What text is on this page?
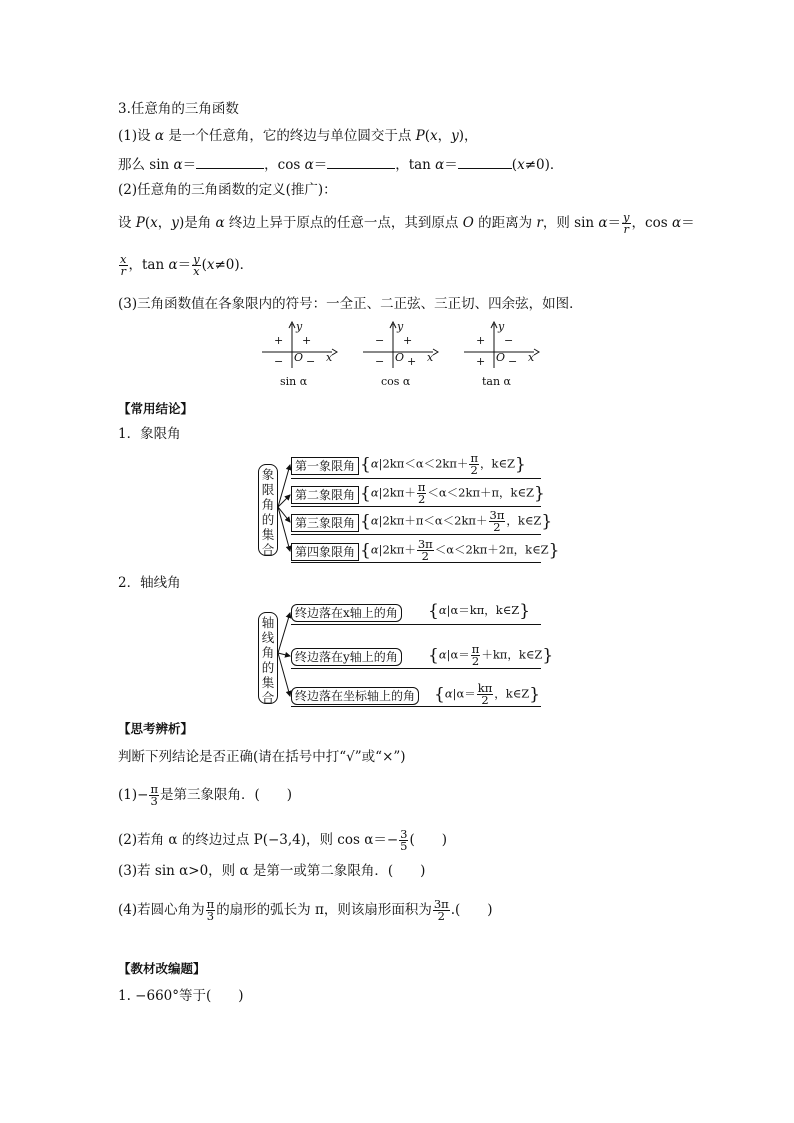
3.任意角的三角函数
(1)设 α 是一个任意角，它的终边与单位圆交于点 P(x，y)，
那么 sin α＝	，cos α＝	，tan α＝	(x≠0)．
(2)任意角的三角函数的定义(推广)：
设 P(x，y)是角 α 终边上异于原点的任意一点，其到原点 O 的距离为 r，则 $\sin \alpha= \frac{y}{r}$ ，cos α＝
$\frac{x}{r}$ ，$\tan \alpha= \frac{y}{x} (x\ne 0)$．
(3)三角函数值在各象限内的符号：一全正、二正弦、三正切、四余弦，如图．
y
x
O
+
+
− −
sin α
y
x
O
+
−
− +
cos α
y
x
O
−
+
+ −
tan α
【常用结论】
1．象限角
象限角的集合
第一象限角 {$\alpha|2k\pi<\alpha<2k\pi+ \frac{\pi}{2}$ ，k∈Z}
第二象限角 {$\alpha|2k\pi+ \frac{\pi}{2} <\alpha<2k\pi+\pi$，k∈Z}
第三象限角 {$\alpha|2k\pi+\pi<\alpha<2k\pi+ \frac{3\pi}{2}$ ，k∈Z}
第四象限角 {$\alpha|2k\pi+ \frac{3\pi}{2} <\alpha<2k\pi+2\pi$，k∈Z}
2．轴线角
轴线角的集合
终边落在x轴上的角 {α|α＝kπ，k∈Z}
终边落在y轴上的角 {$\alpha|\alpha= \frac{\pi}{2} +k\pi$，k∈Z}
终边落在坐标轴上的角 {$\alpha|\alpha= \frac{k\pi}{2}$ ，k∈Z}
【思考辨析】
判断下列结论是否正确(请在括号中打“√”或“×”)
$(1)- \frac{\pi}{3}$ 是第三象限角．(　　)
(2)若角 α 的终边过点 P(−3,4)，则 $\cos \alpha=- \frac{3}{5}$ (　　)
(3)若 sin α>0，则 α 是第一或第二象限角．(　　)
(4)若圆心角为 $\frac{\pi}{3}$ 的扇形的弧长为 π，则该扇形面积为 $\frac{3\pi}{2}$ .(　　)
【教材改编题】
1. −660°等于(　　)
